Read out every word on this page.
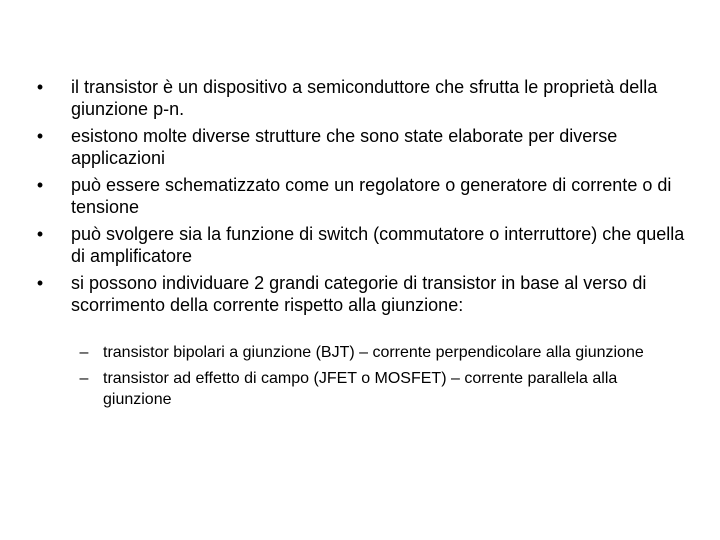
•	il transistor è un dispositivo a semiconduttore che sfrutta le proprietà della giunzione p-n.
•	esistono molte diverse strutture che sono state elaborate per diverse applicazioni
•	può essere schematizzato come un regolatore o generatore di corrente o di tensione
•	può svolgere sia la funzione di switch (commutatore o interruttore) che quella di amplificatore
•	si possono individuare 2 grandi categorie di transistor in base al verso di scorrimento della corrente rispetto alla giunzione:
– transistor bipolari a giunzione (BJT) – corrente perpendicolare alla giunzione
– transistor ad effetto di campo (JFET o MOSFET) – corrente parallela alla giunzione
